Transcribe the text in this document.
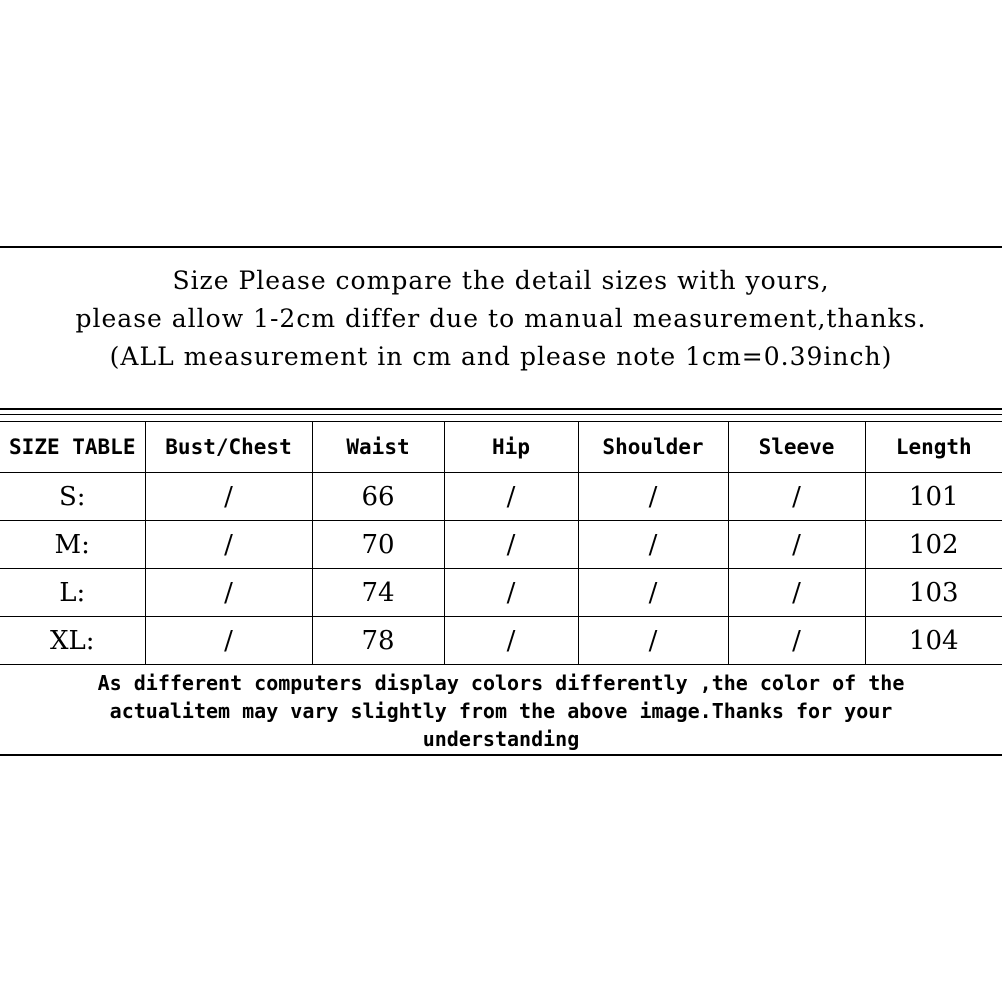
Size Please compare the detail sizes with yours,
please allow 1-2cm differ due to manual measurement,thanks.
(ALL measurement in cm and please note 1cm=0.39inch)
SIZE TABLE	Bust/Chest	Waist	Hip	Shoulder	Sleeve	Length
S:	/	66	/	/	/	101
M:	/	70	/	/	/	102
L:	/	74	/	/	/	103
XL:	/	78	/	/	/	104
As different computers display colors differently ,the color of the
actualitem may vary slightly from the above image.Thanks for your
understanding
